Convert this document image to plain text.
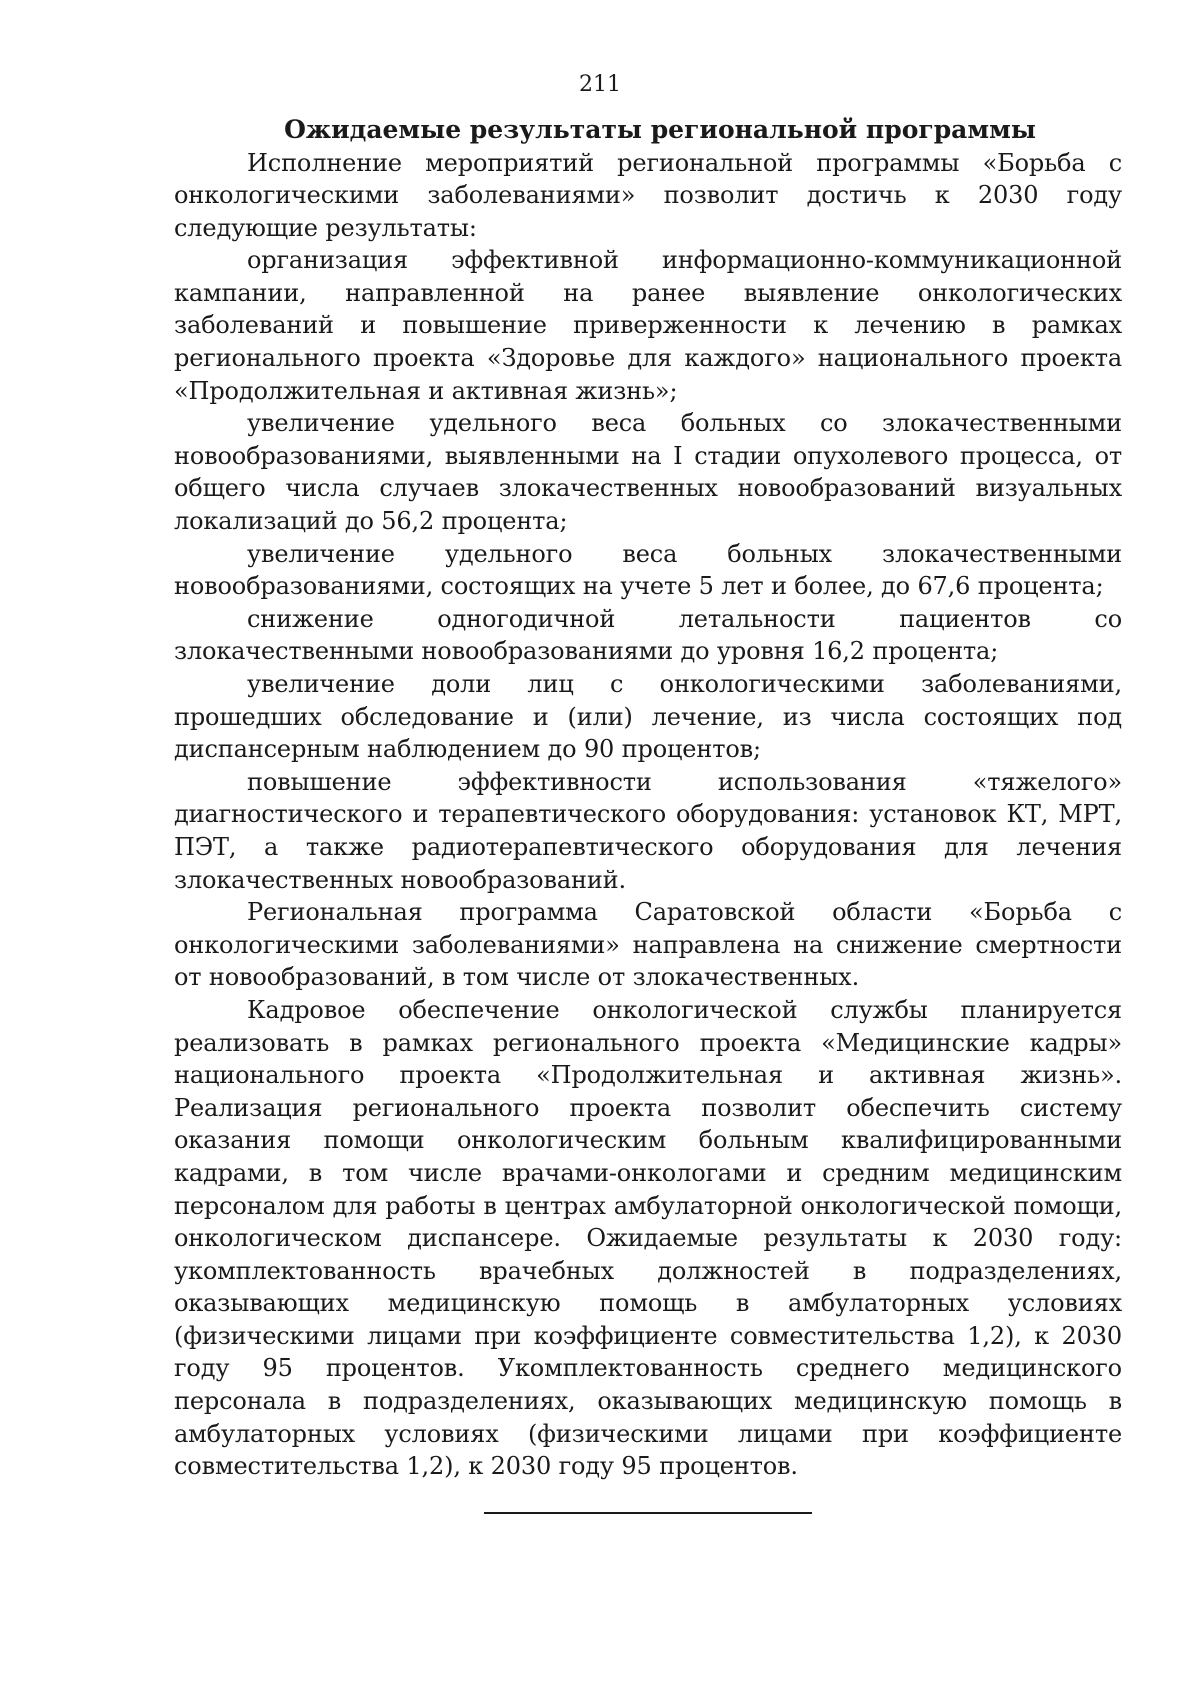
211
Ожидаемые результаты региональной программы

Исполнение мероприятий региональной программы «Борьба с онкологическими заболеваниями» позволит достичь к 2030 году следующие результаты:

организация эффективной информационно-коммуникационной кампании, направленной на ранее выявление онкологических заболеваний и повышение приверженности к лечению в рамках регионального проекта «Здоровье для каждого» национального проекта «Продолжительная и активная жизнь»;

увеличение удельного веса больных со злокачественными новообразованиями, выявленными на I стадии опухолевого процесса, от общего числа случаев злокачественных новообразований визуальных локализаций до 56,2 процента;

увеличение удельного веса больных злокачественными новообразованиями, состоящих на учете 5 лет и более, до 67,6 процента;

снижение одногодичной летальности пациентов со злокачественными новообразованиями до уровня 16,2 процента;

увеличение доли лиц с онкологическими заболеваниями, прошедших обследование и (или) лечение, из числа состоящих под диспансерным наблюдением до 90 процентов;

повышение эффективности использования «тяжелого» диагностического и терапевтического оборудования: установок КТ, МРТ, ПЭТ, а также радиотерапевтического оборудования для лечения злокачественных новообразований.

Региональная программа Саратовской области «Борьба с онкологическими заболеваниями» направлена на снижение смертности от новообразований, в том числе от злокачественных.

Кадровое обеспечение онкологической службы планируется реализовать в рамках регионального проекта «Медицинские кадры» национального проекта «Продолжительная и активная жизнь». Реализация регионального проекта позволит обеспечить систему оказания помощи онкологическим больным квалифицированными кадрами, в том числе врачами-онкологами и средним медицинским персоналом для работы в центрах амбулаторной онкологической помощи, онкологическом диспансере. Ожидаемые результаты к 2030 году: укомплектованность врачебных должностей в подразделениях, оказывающих медицинскую помощь в амбулаторных условиях (физическими лицами при коэффициенте совместительства 1,2), к 2030 году 95 процентов. Укомплектованность среднего медицинского персонала в подразделениях, оказывающих медицинскую помощь в амбулаторных условиях (физическими лицами при коэффициенте совместительства 1,2), к 2030 году 95 процентов.
